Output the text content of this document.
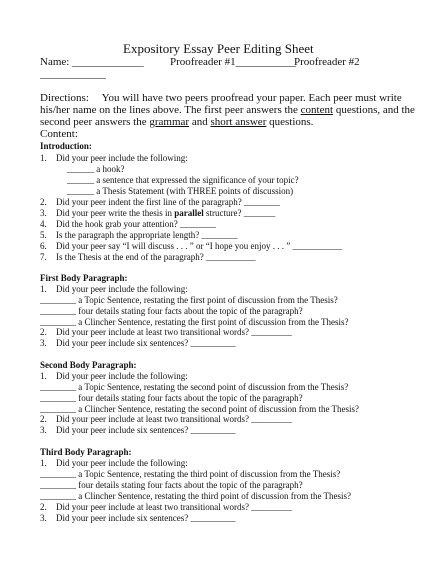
Expository Essay Peer Editing Sheet
Name: _____________ Proofreader #1___________
Proofreader #2
____________
Directions: You will have two peers proofread your paper. Each peer must write
his/her name on the lines above. The first peer answers the content questions, and the
second peer answers the grammar and short answer questions.
Content:
Introduction:
1. Did your peer include the following:
______ a hook?
______ a sentence that expressed the significance of your topic?
______ a Thesis Statement (with THREE points of discussion)
2. Did your peer indent the first line of the paragraph? ________
3. Did your peer write the thesis in parallel structure? _______
4. Did the hook grab your attention? ________
5. Is the paragraph the appropriate length? ________
6. Did your peer say “I will discuss . . . ” or “I hope you enjoy . . . ” ___________
7. Is the Thesis at the end of the paragraph? ___________
First Body Paragraph:
1. Did your peer include the following:
________ a Topic Sentence, restating the first point of discussion from the Thesis?
________ four details stating four facts about the topic of the paragraph?
________ a Clincher Sentence, restating the first point of discussion from the Thesis?
2. Did your peer include at least two transitional words? _________
3. Did your peer include six sentences? __________
Second Body Paragraph:
1. Did your peer include the following:
________ a Topic Sentence, restating the second point of discussion from the Thesis?
________ four details stating four facts about the topic of the paragraph?
________ a Clincher Sentence, restating the second point of discussion from the Thesis?
2. Did your peer include at least two transitional words? _________
3. Did your peer include six sentences? __________
Third Body Paragraph:
1. Did your peer include the following:
________ a Topic Sentence, restating the third point of discussion from the Thesis?
________ four details stating four facts about the topic of the paragraph?
________ a Clincher Sentence, restating the third point of discussion from the Thesis?
2. Did your peer include at least two transitional words? _________
3. Did your peer include six sentences? __________
